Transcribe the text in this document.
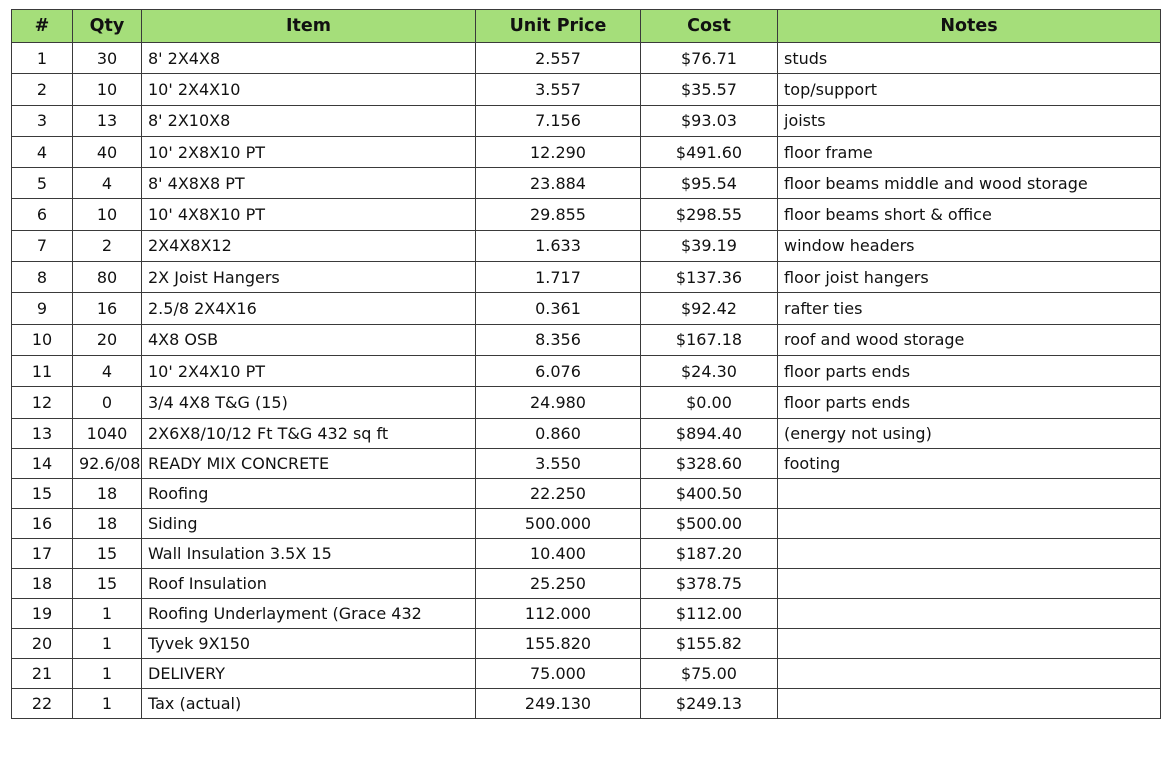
#	Qty	Item	Unit Price	Cost	Notes
1	30	8' 2X4X8	2.557	$76.71	studs
2	10	10' 2X4X10	3.557	$35.57	top/support
3	13	8' 2X10X8	7.156	$93.03	joists
4	40	10' 2X8X10 PT	12.290	$491.60	floor frame
5	4	8' 4X8X8 PT	23.884	$95.54	floor beams middle and wood storage
6	10	10' 4X8X10 PT	29.855	$298.55	floor beams short & office
7	2	2X4X8X12	1.633	$39.19	window headers
8	80	2X Joist Hangers	1.717	$137.36	floor joist hangers
9	16	2.5/8 2X4X16	0.361	$92.42	rafter ties
10	20	4X8 OSB	8.356	$167.18	roof and wood storage
11	4	10' 2X4X10 PT	6.076	$24.30	floor parts ends
12	0	3/4 4X8 T&G (15)	24.980	$0.00	floor parts ends
13	1040	2X6X8/10/12 Ft T&G 432 sq ft	0.860	$894.40	(energy not using)
14	92.6/08	READY MIX CONCRETE	3.550	$328.60	footing
15	18	Roofing	22.250	$400.50	
16	18	Siding	500.000	$500.00	
17	15	Wall Insulation 3.5X 15	10.400	$187.20	
18	15	Roof Insulation	25.250	$378.75	
19	1	Roofing Underlayment (Grace 432	112.000	$112.00	
20	1	Tyvek 9X150	155.820	$155.82	
21	1	DELIVERY	75.000	$75.00	
22	1	Tax (actual)	249.130	$249.13	
